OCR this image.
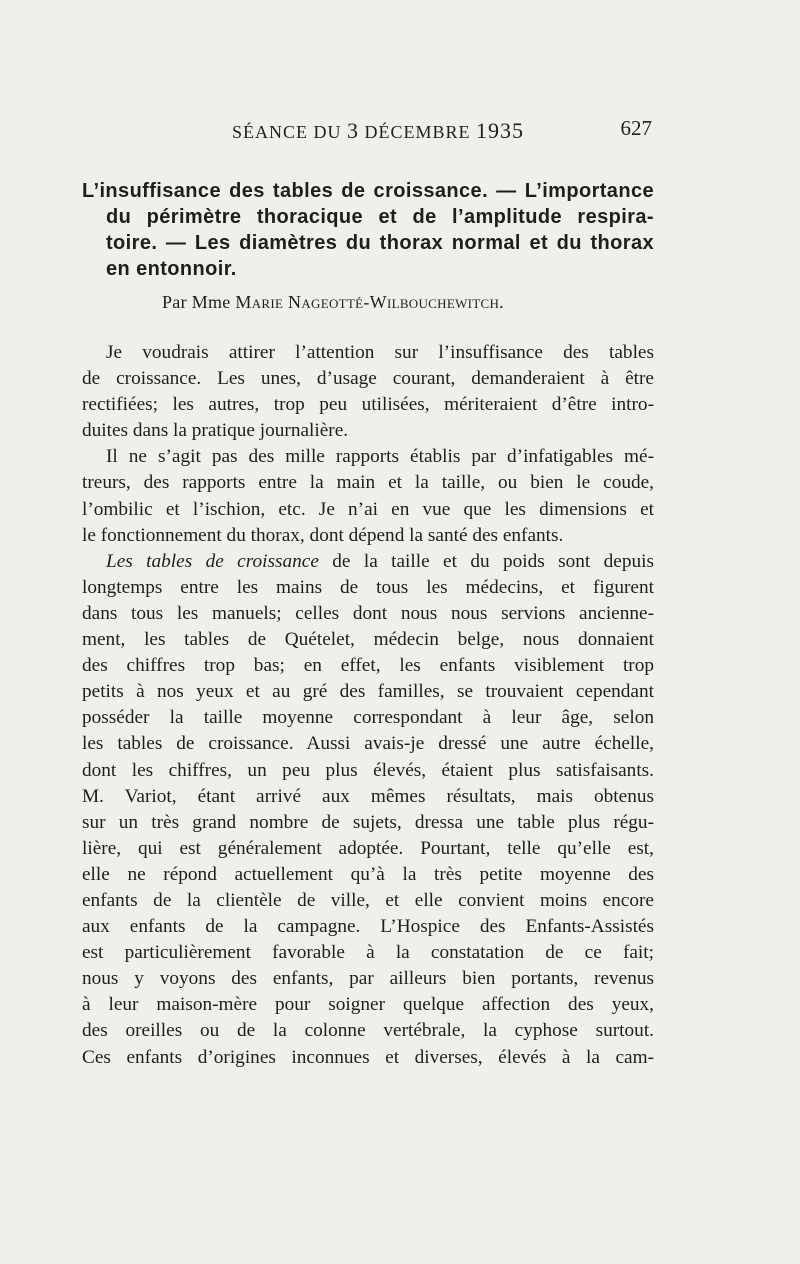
SÉANCE DU 3 DÉCEMBRE 1935	627
L’insuffisance des tables de croissance. — L’importance
du périmètre thoracique et de l’amplitude respira-
toire. — Les diamètres du thorax normal et du thorax
en entonnoir.
Par Mme Marie Nageotté-Wilbouchewitch.
Je voudrais attirer l’attention sur l’insuffisance des tables
de croissance. Les unes, d’usage courant, demanderaient à être
rectifiées; les autres, trop peu utilisées, mériteraient d’être intro-
duites dans la pratique journalière.
Il ne s’agit pas des mille rapports établis par d’infatigables mé-
treurs, des rapports entre la main et la taille, ou bien le coude,
l’ombilic et l’ischion, etc. Je n’ai en vue que les dimensions et
le fonctionnement du thorax, dont dépend la santé des enfants.
Les tables de croissance de la taille et du poids sont depuis
longtemps entre les mains de tous les médecins, et figurent
dans tous les manuels; celles dont nous nous servions ancienne-
ment, les tables de Quételet, médecin belge, nous donnaient
des chiffres trop bas; en effet, les enfants visiblement trop
petits à nos yeux et au gré des familles, se trouvaient cependant
posséder la taille moyenne correspondant à leur âge, selon
les tables de croissance. Aussi avais-je dressé une autre échelle,
dont les chiffres, un peu plus élevés, étaient plus satisfaisants.
M. Variot, étant arrivé aux mêmes résultats, mais obtenus
sur un très grand nombre de sujets, dressa une table plus régu-
lière, qui est généralement adoptée. Pourtant, telle qu’elle est,
elle ne répond actuellement qu’à la très petite moyenne des
enfants de la clientèle de ville, et elle convient moins encore
aux enfants de la campagne. L’Hospice des Enfants-Assistés
est particulièrement favorable à la constatation de ce fait;
nous y voyons des enfants, par ailleurs bien portants, revenus
à leur maison-mère pour soigner quelque affection des yeux,
des oreilles ou de la colonne vertébrale, la cyphose surtout.
Ces enfants d’origines inconnues et diverses, élevés à la cam-
